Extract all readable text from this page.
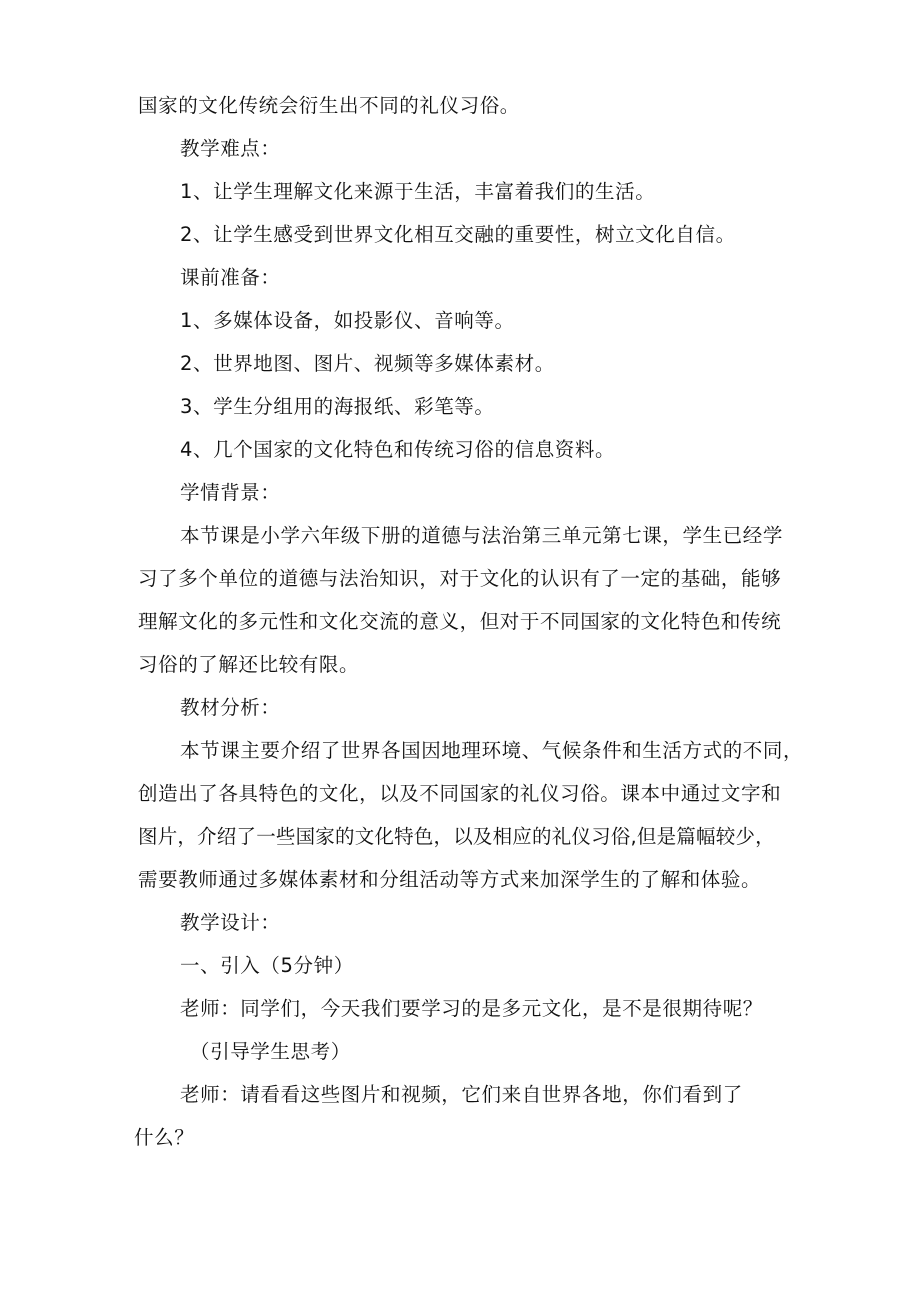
国家的文化传统会衍生出不同的礼仪习俗。
教学难点：
1、让学生理解文化来源于生活，丰富着我们的生活。
2、让学生感受到世界文化相互交融的重要性，树立文化自信。
课前准备：
1、多媒体设备，如投影仪、音响等。
2、世界地图、图片、视频等多媒体素材。
3、学生分组用的海报纸、彩笔等。
4、几个国家的文化特色和传统习俗的信息资料。
学情背景：
本节课是小学六年级下册的道德与法治第三单元第七课，学生已经学
习了多个单位的道德与法治知识，对于文化的认识有了一定的基础，能够
理解文化的多元性和文化交流的意义，但对于不同国家的文化特色和传统
习俗的了解还比较有限。
教材分析：
本节课主要介绍了世界各国因地理环境、气候条件和生活方式的不同，
创造出了各具特色的文化，以及不同国家的礼仪习俗。课本中通过文字和
图片，介绍了一些国家的文化特色，以及相应的礼仪习俗,但是篇幅较少，
需要教师通过多媒体素材和分组活动等方式来加深学生的了解和体验。
教学设计：
一、引入（5分钟）
老师：同学们，今天我们要学习的是多元文化，是不是很期待呢？
（引导学生思考）
老师：请看看这些图片和视频，它们来自世界各地，你们看到了
什么？
